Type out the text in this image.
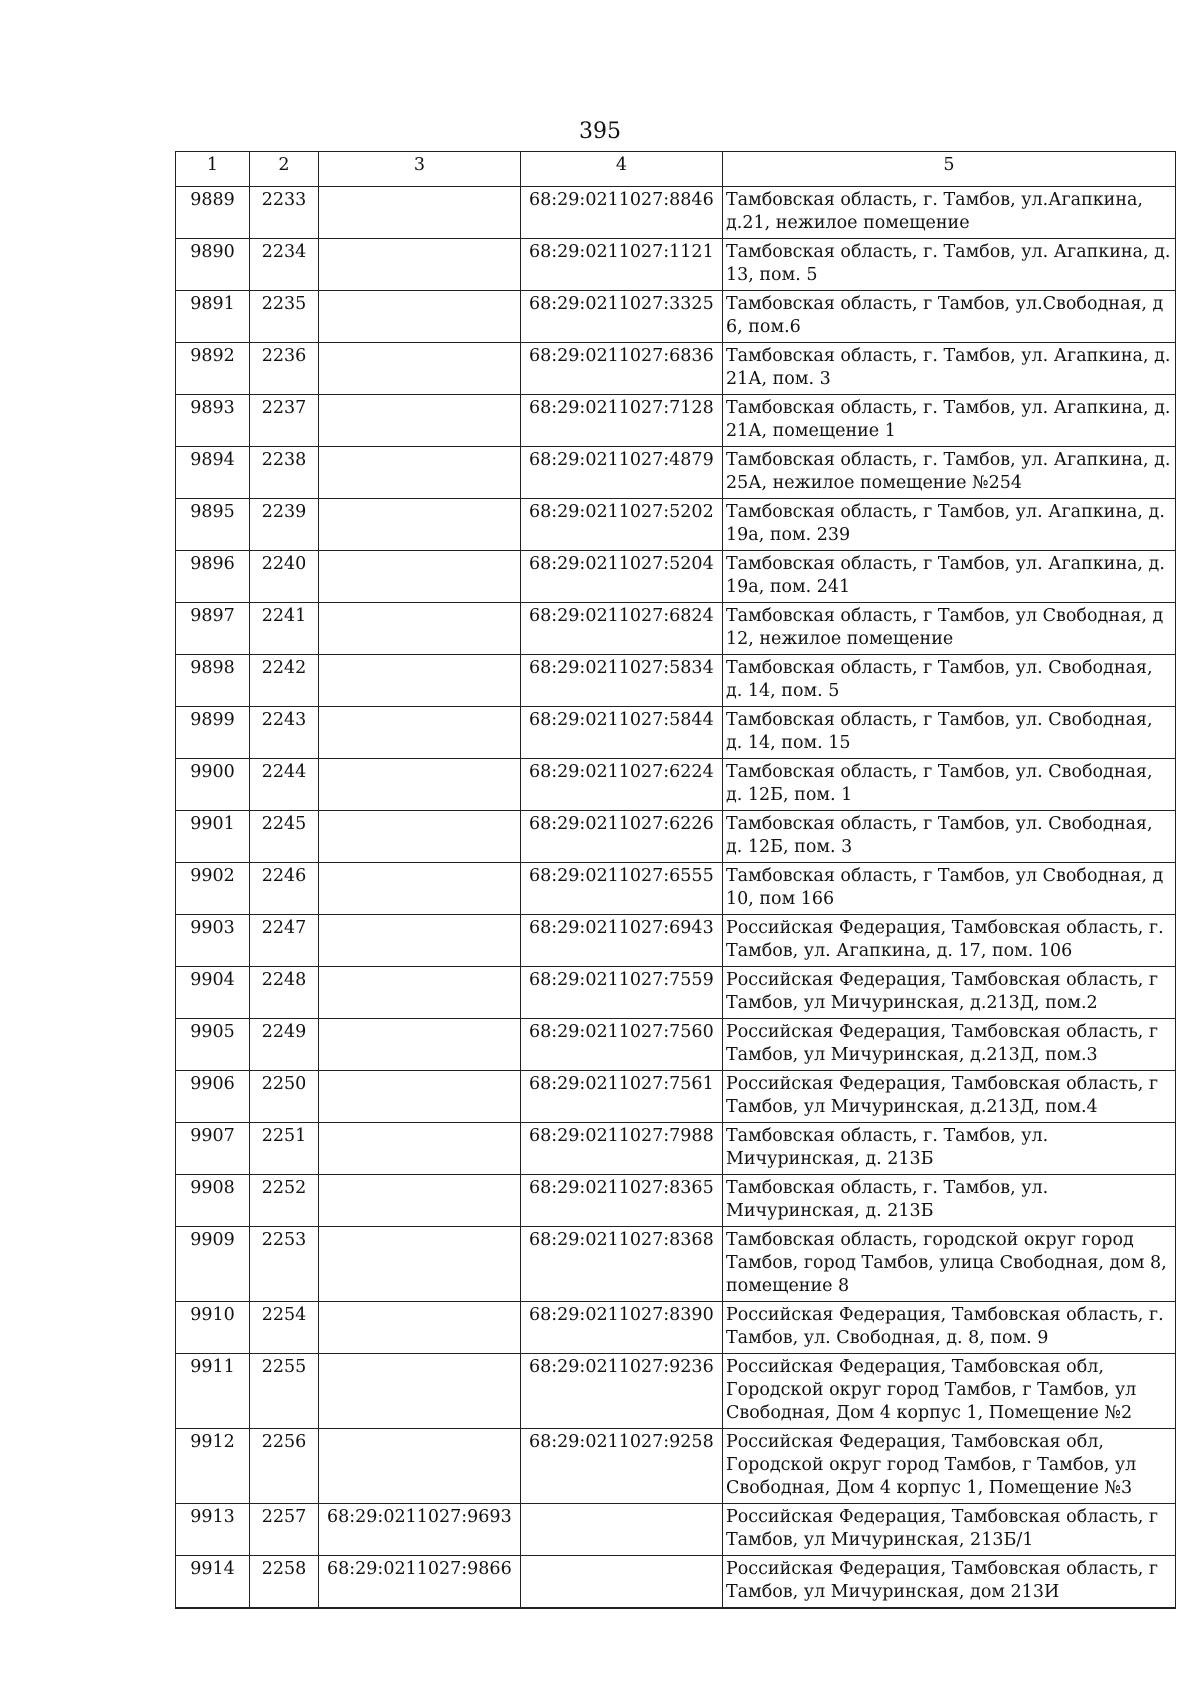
395
1	2	3	4	5
9889	2233		68:29:0211027:8846	Тамбовская область, г. Тамбов, ул.Агапкина, д.21, нежилое помещение
9890	2234		68:29:0211027:1121	Тамбовская область, г. Тамбов, ул. Агапкина, д. 13, пом. 5
9891	2235		68:29:0211027:3325	Тамбовская область, г Тамбов, ул.Свободная, д 6, пом.6
9892	2236		68:29:0211027:6836	Тамбовская область, г. Тамбов, ул. Агапкина, д. 21А, пом. 3
9893	2237		68:29:0211027:7128	Тамбовская область, г. Тамбов, ул. Агапкина, д. 21А, помещение 1
9894	2238		68:29:0211027:4879	Тамбовская область, г. Тамбов, ул. Агапкина, д. 25А, нежилое помещение №254
9895	2239		68:29:0211027:5202	Тамбовская область, г Тамбов, ул. Агапкина, д. 19а, пом. 239
9896	2240		68:29:0211027:5204	Тамбовская область, г Тамбов, ул. Агапкина, д. 19а, пом. 241
9897	2241		68:29:0211027:6824	Тамбовская область, г Тамбов, ул Свободная, д 12, нежилое помещение
9898	2242		68:29:0211027:5834	Тамбовская область, г Тамбов, ул. Свободная, д. 14, пом. 5
9899	2243		68:29:0211027:5844	Тамбовская область, г Тамбов, ул. Свободная, д. 14, пом. 15
9900	2244		68:29:0211027:6224	Тамбовская область, г Тамбов, ул. Свободная, д. 12Б, пом. 1
9901	2245		68:29:0211027:6226	Тамбовская область, г Тамбов, ул. Свободная, д. 12Б, пом. 3
9902	2246		68:29:0211027:6555	Тамбовская область, г Тамбов, ул Свободная, д 10, пом 166
9903	2247		68:29:0211027:6943	Российская Федерация, Тамбовская область, г. Тамбов, ул. Агапкина, д. 17, пом. 106
9904	2248		68:29:0211027:7559	Российская Федерация, Тамбовская область, г Тамбов, ул Мичуринская, д.213Д, пом.2
9905	2249		68:29:0211027:7560	Российская Федерация, Тамбовская область, г Тамбов, ул Мичуринская, д.213Д, пом.3
9906	2250		68:29:0211027:7561	Российская Федерация, Тамбовская область, г Тамбов, ул Мичуринская, д.213Д, пом.4
9907	2251		68:29:0211027:7988	Тамбовская область, г. Тамбов, ул. Мичуринская, д. 213Б
9908	2252		68:29:0211027:8365	Тамбовская область, г. Тамбов, ул. Мичуринская, д. 213Б
9909	2253		68:29:0211027:8368	Тамбовская область, городской округ город Тамбов, город Тамбов, улица Свободная, дом 8, помещение 8
9910	2254		68:29:0211027:8390	Российская Федерация, Тамбовская область, г. Тамбов, ул. Свободная, д. 8, пом. 9
9911	2255		68:29:0211027:9236	Российская Федерация, Тамбовская обл, Городской округ город Тамбов, г Тамбов, ул Свободная, Дом 4 корпус 1, Помещение №2
9912	2256		68:29:0211027:9258	Российская Федерация, Тамбовская обл, Городской округ город Тамбов, г Тамбов, ул Свободная, Дом 4 корпус 1, Помещение №3
9913	2257	68:29:0211027:9693		Российская Федерация, Тамбовская область, г Тамбов, ул Мичуринская, 213Б/1
9914	2258	68:29:0211027:9866		Российская Федерация, Тамбовская область, г Тамбов, ул Мичуринская, дом 213И
